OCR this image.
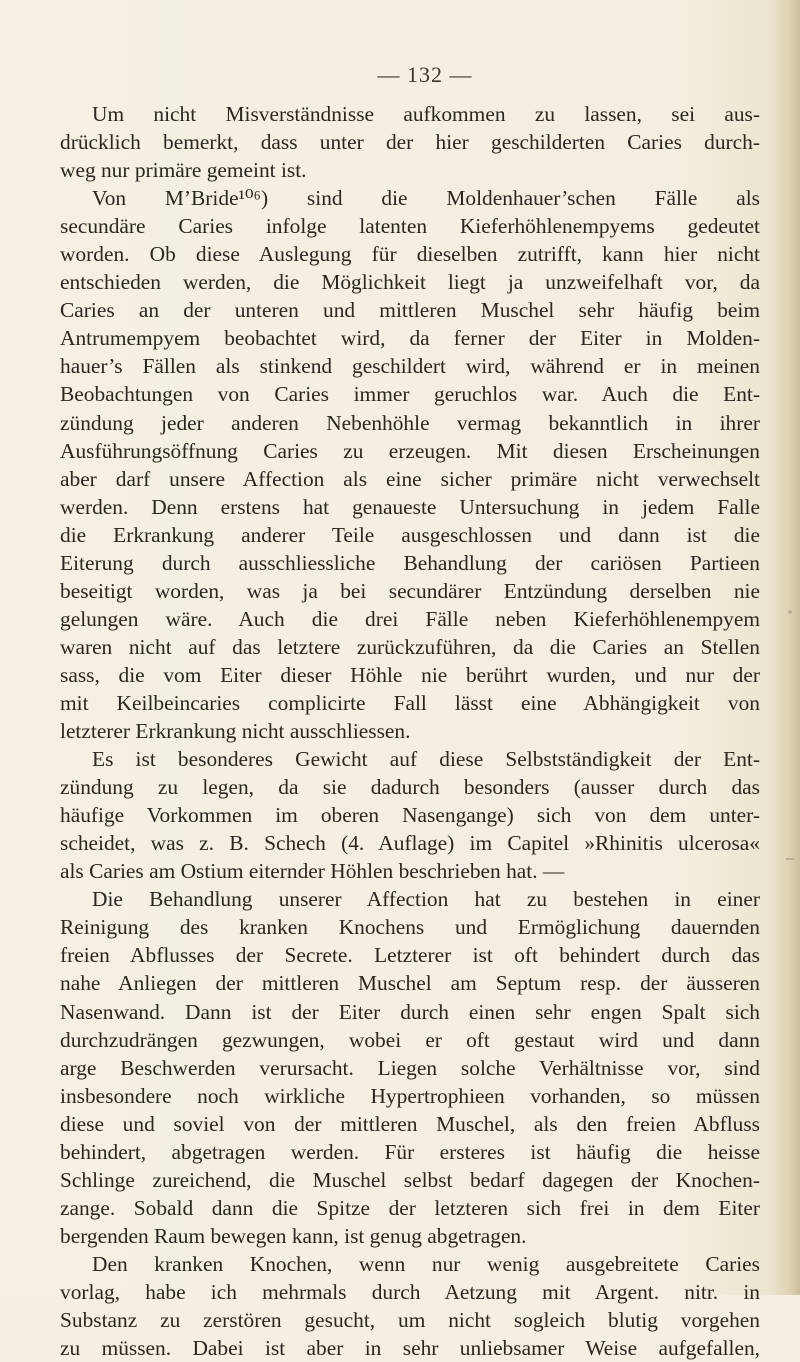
— 132 —
Um nicht Misverständnisse aufkommen zu lassen, sei aus-
drücklich bemerkt, dass unter der hier geschilderten Caries durch-
weg nur primäre gemeint ist.
Von M’Bride¹⁰⁶) sind die Moldenhauer’schen Fälle als
secundäre Caries infolge latenten Kieferhöhlenempyems gedeutet
worden. Ob diese Auslegung für dieselben zutrifft, kann hier nicht
entschieden werden, die Möglichkeit liegt ja unzweifelhaft vor, da
Caries an der unteren und mittleren Muschel sehr häufig beim
Antrumempyem beobachtet wird, da ferner der Eiter in Molden-
hauer’s Fällen als stinkend geschildert wird, während er in meinen
Beobachtungen von Caries immer geruchlos war. Auch die Ent-
zündung jeder anderen Nebenhöhle vermag bekanntlich in ihrer
Ausführungsöffnung Caries zu erzeugen. Mit diesen Erscheinungen
aber darf unsere Affection als eine sicher primäre nicht verwechselt
werden. Denn erstens hat genaueste Untersuchung in jedem Falle
die Erkrankung anderer Teile ausgeschlossen und dann ist die
Eiterung durch ausschliessliche Behandlung der cariösen Partieen
beseitigt worden, was ja bei secundärer Entzündung derselben nie
gelungen wäre. Auch die drei Fälle neben Kieferhöhlenempyem
waren nicht auf das letztere zurückzuführen, da die Caries an Stellen
sass, die vom Eiter dieser Höhle nie berührt wurden, und nur der
mit Keilbeincaries complicirte Fall lässt eine Abhängigkeit von
letzterer Erkrankung nicht ausschliessen.
Es ist besonderes Gewicht auf diese Selbstständigkeit der Ent-
zündung zu legen, da sie dadurch besonders (ausser durch das
häufige Vorkommen im oberen Nasengange) sich von dem unter-
scheidet, was z. B. Schech (4. Auflage) im Capitel »Rhinitis ulcerosa«
als Caries am Ostium eiternder Höhlen beschrieben hat. —
Die Behandlung unserer Affection hat zu bestehen in einer
Reinigung des kranken Knochens und Ermöglichung dauernden
freien Abflusses der Secrete. Letzterer ist oft behindert durch das
nahe Anliegen der mittleren Muschel am Septum resp. der äusseren
Nasenwand. Dann ist der Eiter durch einen sehr engen Spalt sich
durchzudrängen gezwungen, wobei er oft gestaut wird und dann
arge Beschwerden verursacht. Liegen solche Verhältnisse vor, sind
insbesondere noch wirkliche Hypertrophieen vorhanden, so müssen
diese und soviel von der mittleren Muschel, als den freien Abfluss
behindert, abgetragen werden. Für ersteres ist häufig die heisse
Schlinge zureichend, die Muschel selbst bedarf dagegen der Knochen-
zange. Sobald dann die Spitze der letzteren sich frei in dem Eiter
bergenden Raum bewegen kann, ist genug abgetragen.
Den kranken Knochen, wenn nur wenig ausgebreitete Caries
vorlag, habe ich mehrmals durch Aetzung mit Argent. nitr. in
Substanz zu zerstören gesucht, um nicht sogleich blutig vorgehen
zu müssen. Dabei ist aber in sehr unliebsamer Weise aufgefallen,
